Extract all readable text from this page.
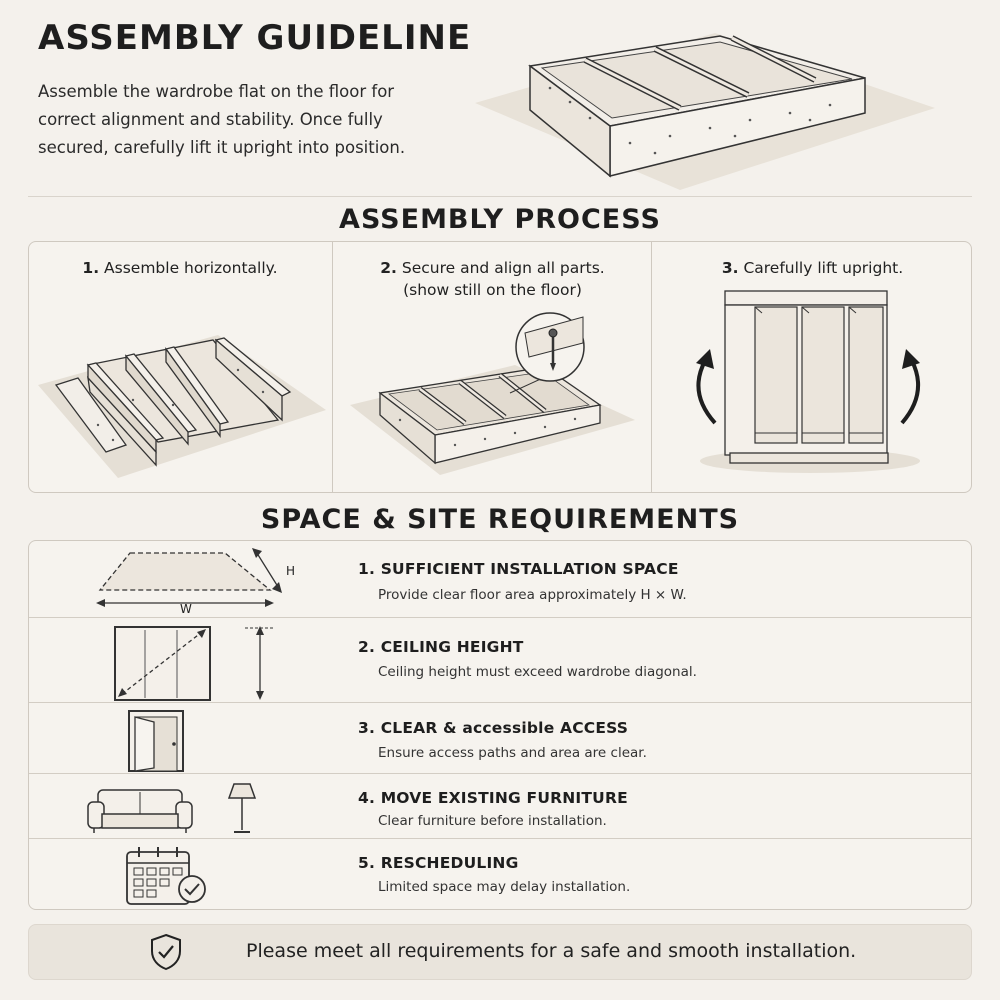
ASSEMBLY GUIDELINE
Assemble the wardrobe flat on the floor for
correct alignment and stability. Once fully
secured, carefully lift it upright into position.
ASSEMBLY PROCESS
1. Assemble horizontally.	2. Secure and align all parts.
(show still on the floor)
3. Carefully lift upright.
SPACE & SITE REQUIREMENTS
H
W
1. SUFFICIENT INSTALLATION SPACE
Provide clear floor area approximately H × W.
2. CEILING HEIGHT
Ceiling height must exceed wardrobe diagonal.
3. CLEAR & accessible ACCESS
Ensure access paths and area are clear.
4. MOVE EXISTING FURNITURE
Clear furniture before installation.
5. RESCHEDULING
Limited space may delay installation.
Please meet all requirements for a safe and smooth installation.
